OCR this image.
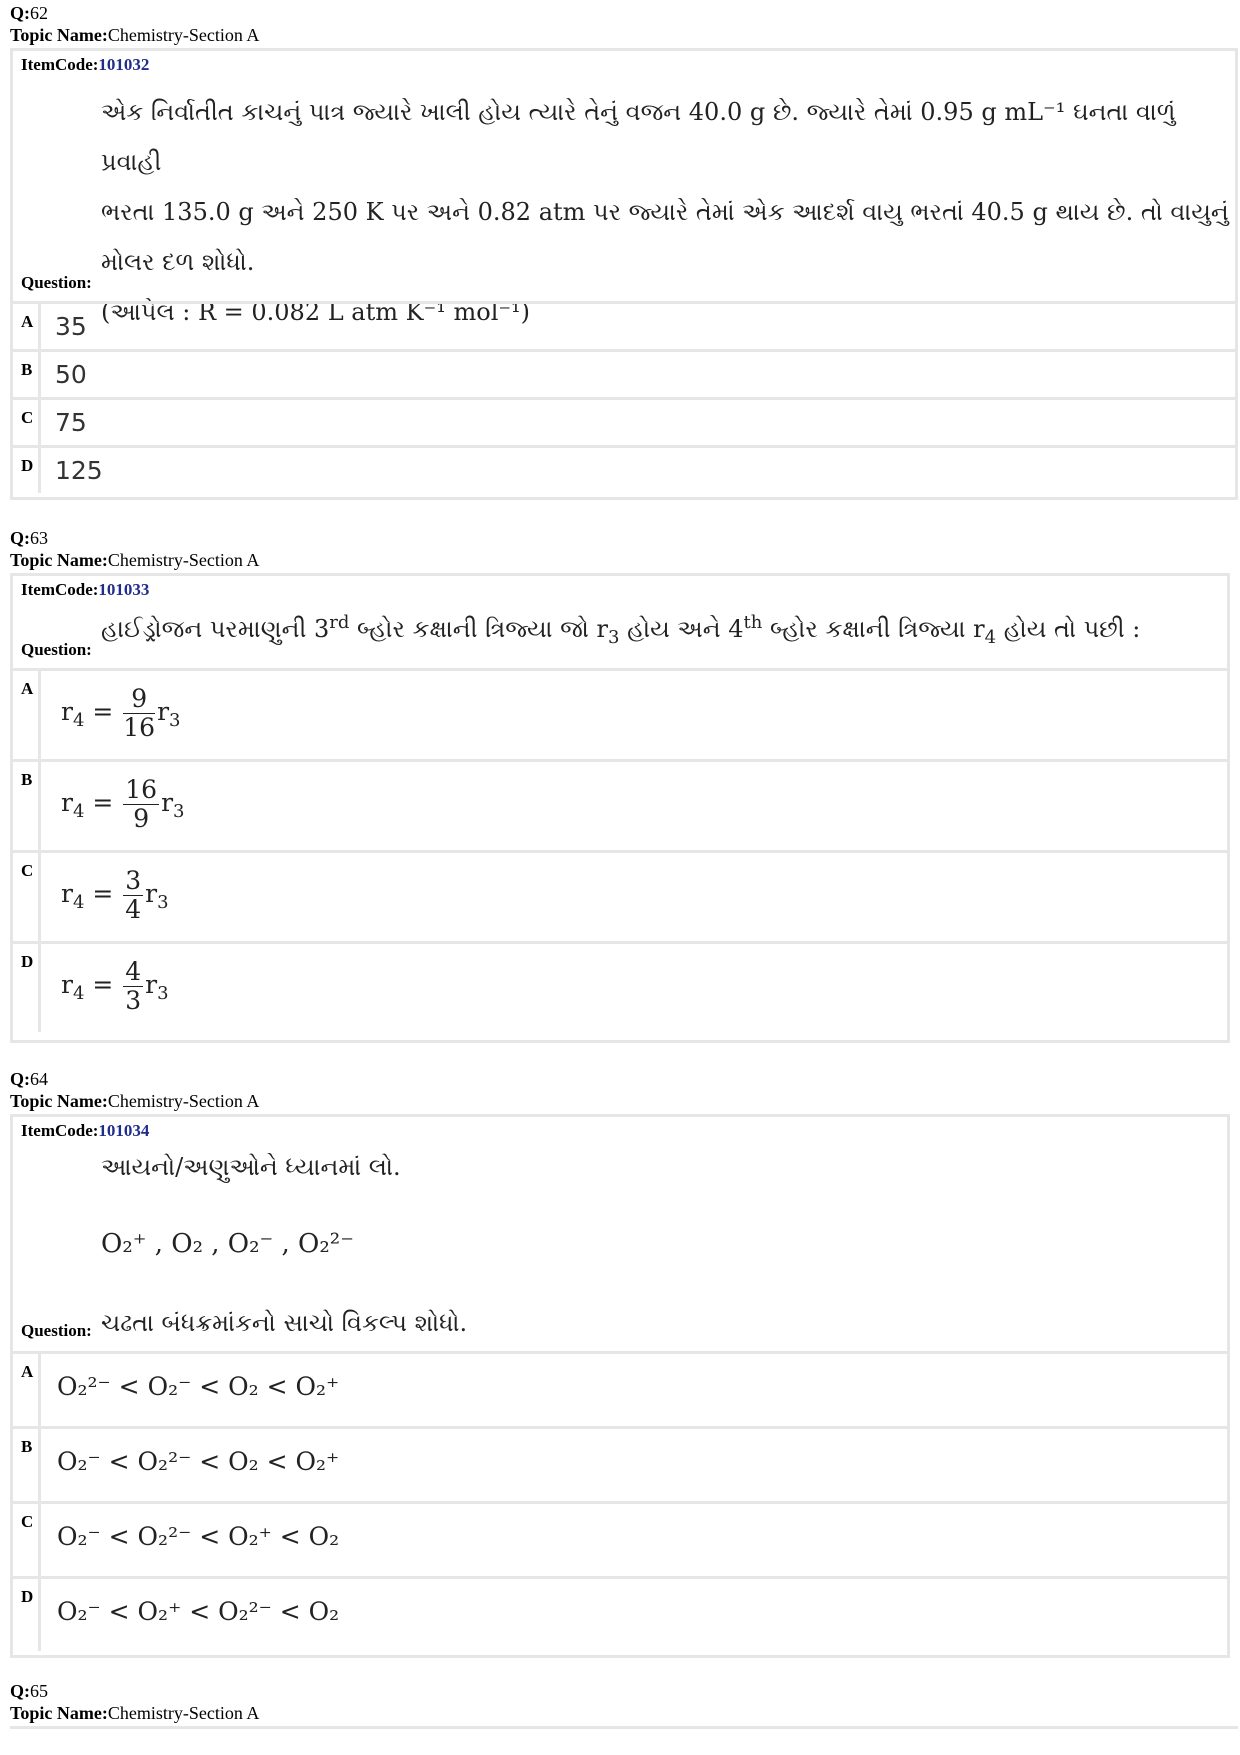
Q:62
Topic Name:Chemistry-Section A
ItemCode:101032
એક નિર્વાતીત કાચનું પાત્ર જ્યારે ખાલી હોય ત્યારે તેનું વજન 40.0 g છે. જ્યારે તેમાં 0.95 g mL⁻¹ ઘનતા વાળું પ્રવાહી
ભરતા 135.0 g અને 250 K પર અને 0.82 atm પર જ્યારે તેમાં એક આદર્શ વાયુ ભરતાં 40.5 g થાય છે. તો વાયુનું
મોલર દળ શોધો.
(આપેલ : R = 0.082 L atm K⁻¹ mol⁻¹)
Question:
A 35
B 50
C 75
D 125
Q:63
Topic Name:Chemistry-Section A
ItemCode:101033
હાઈડ્રોજન પરમાણુની 3rd બ્હોર કક્ષાની ત્રિજ્યા જો $r_3$ હોય અને 4th બ્હોર કક્ષાની ત્રિજ્યા $r_4$ હોય તો પછી :
Question:
A
$r_4 = \frac{9}{16} r_3$
B
$r_4 = \frac{16}{9} r_3$
C
$r_4 = \frac{3}{4} r_3$
D
$r_4 = \frac{4}{3} r_3$
Q:64
Topic Name:Chemistry-Section A
ItemCode:101034
આયનો/અણુઓને ધ્યાનમાં લો.
O₂⁺ , O₂ , O₂⁻ , O₂²⁻
ચઢતા બંધક્રમાંકનો સાચો વિકલ્પ શોધો.
Question:
A
O₂²⁻ < O₂⁻ < O₂ < O₂⁺
B
O₂⁻ < O₂²⁻ < O₂ < O₂⁺
C
O₂⁻ < O₂²⁻ < O₂⁺ < O₂
D
O₂⁻ < O₂⁺ < O₂²⁻ < O₂
Q:65
Topic Name:Chemistry-Section A
